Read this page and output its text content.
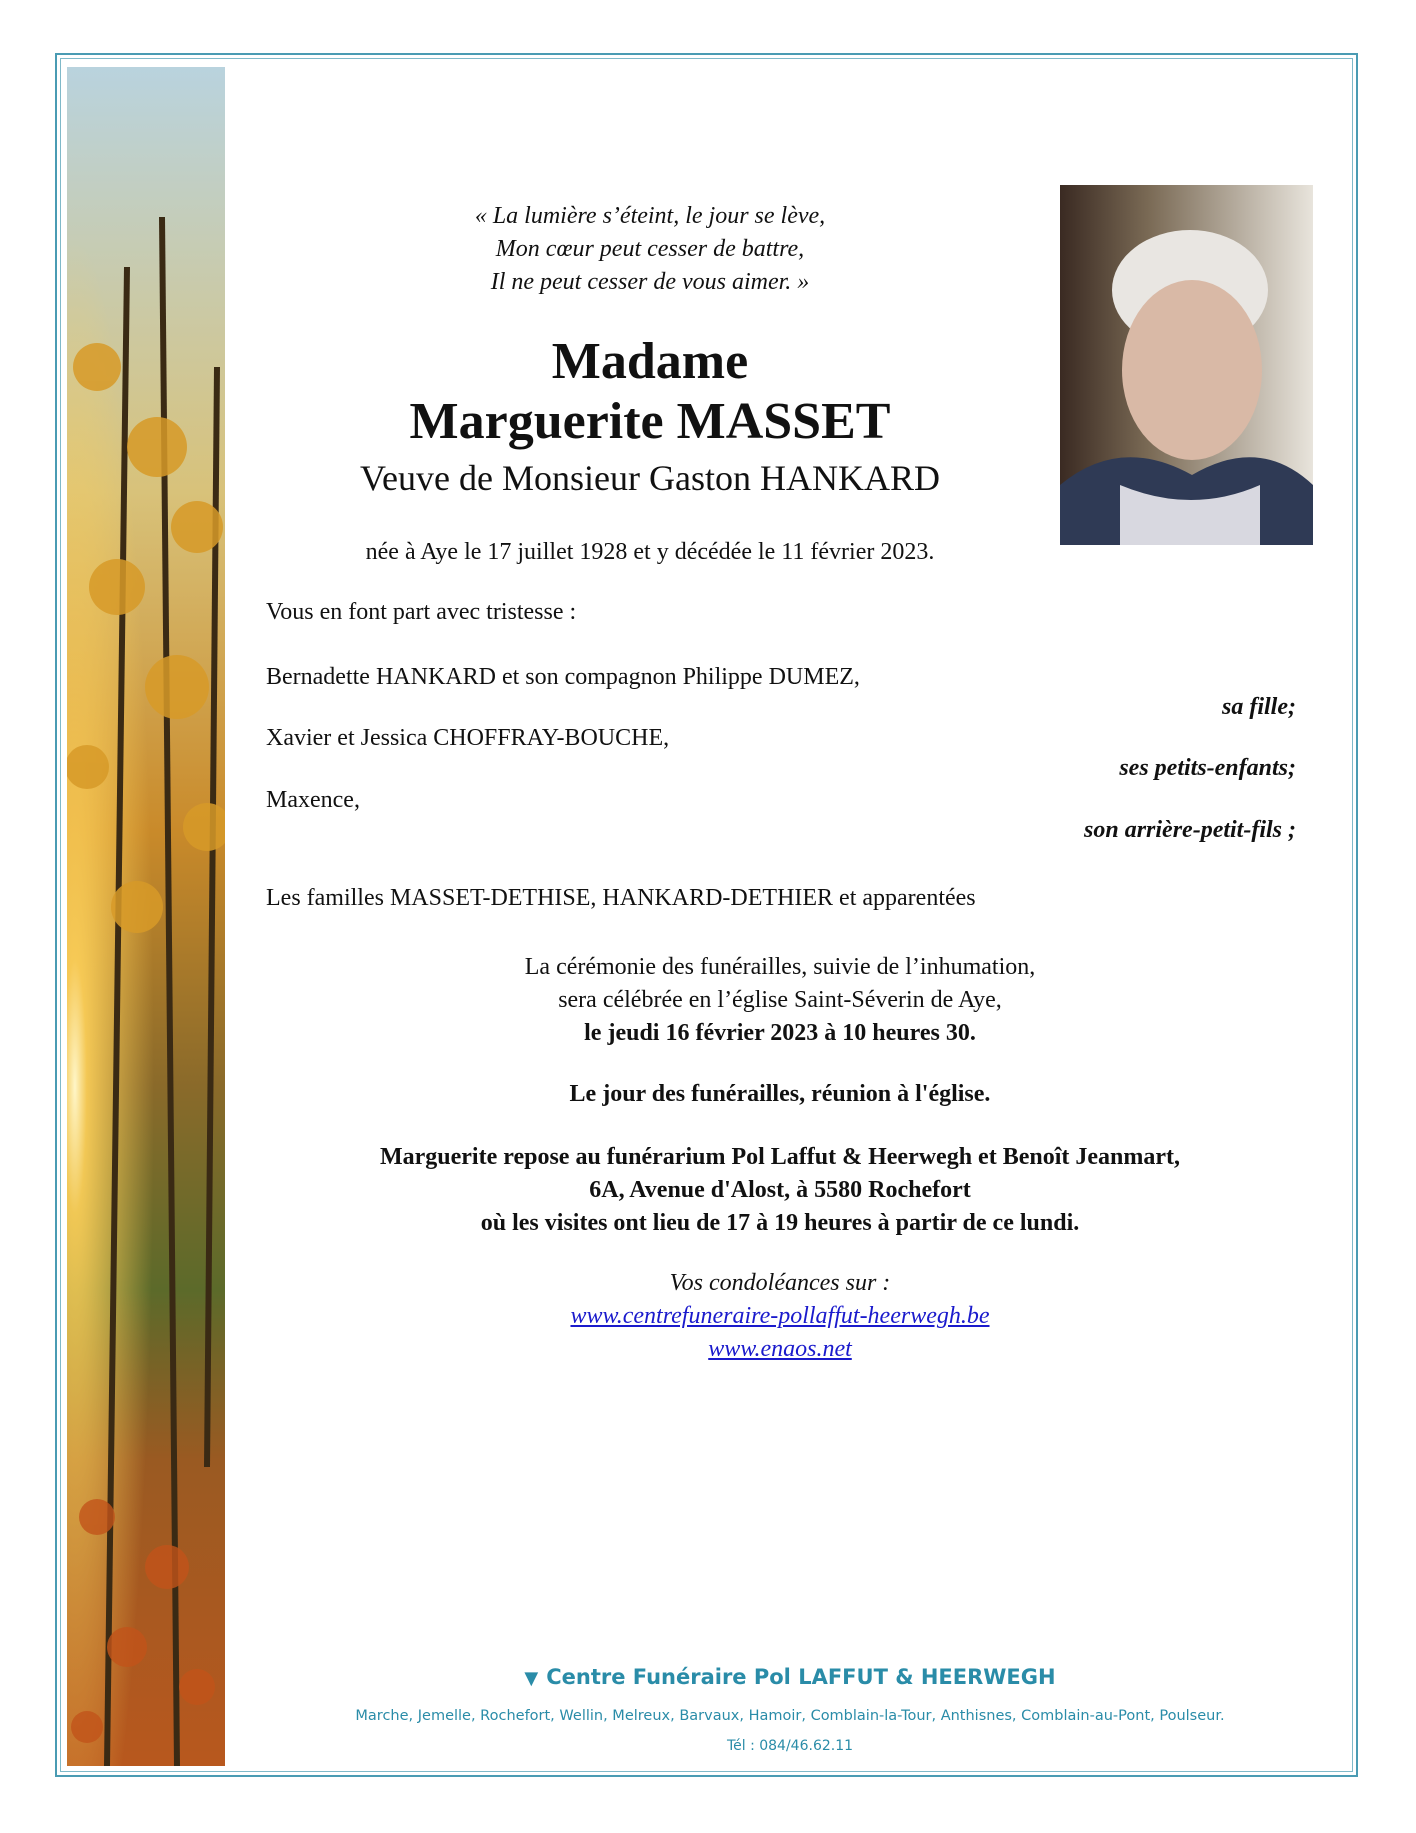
« La lumière s’éteint, le jour se lève,
Mon cœur peut cesser de battre,
Il ne peut cesser de vous aimer. »
Madame
Marguerite MASSET
Veuve de Monsieur Gaston HANKARD
née à Aye le 17 juillet 1928 et y décédée le 11 février 2023.
Vous en font part avec tristesse :
Bernadette HANKARD et son compagnon Philippe DUMEZ,
sa fille;
Xavier et Jessica CHOFFRAY-BOUCHE,
ses petits-enfants;
Maxence,
son arrière-petit-fils ;
Les familles MASSET-DETHISE, HANKARD-DETHIER et apparentées
La cérémonie des funérailles, suivie de l’inhumation,
sera célébrée en l’église Saint-Séverin de Aye,
le jeudi 16 février 2023 à 10 heures 30.
Le jour des funérailles, réunion à l'église.
Marguerite repose au funérarium Pol Laffut & Heerwegh et Benoît Jeanmart,
6A, Avenue d'Alost, à 5580 Rochefort
où les visites ont lieu de 17 à 19 heures à partir de ce lundi.
Vos condoléances sur :
www.centrefuneraire-pollaffut-heerwegh.be
www.enaos.net
▼ Centre Funéraire Pol LAFFUT & HEERWEGH
Marche, Jemelle, Rochefort, Wellin, Melreux, Barvaux, Hamoir, Comblain-la-Tour, Anthisnes, Comblain-au-Pont, Poulseur.
Tél : 084/46.62.11
